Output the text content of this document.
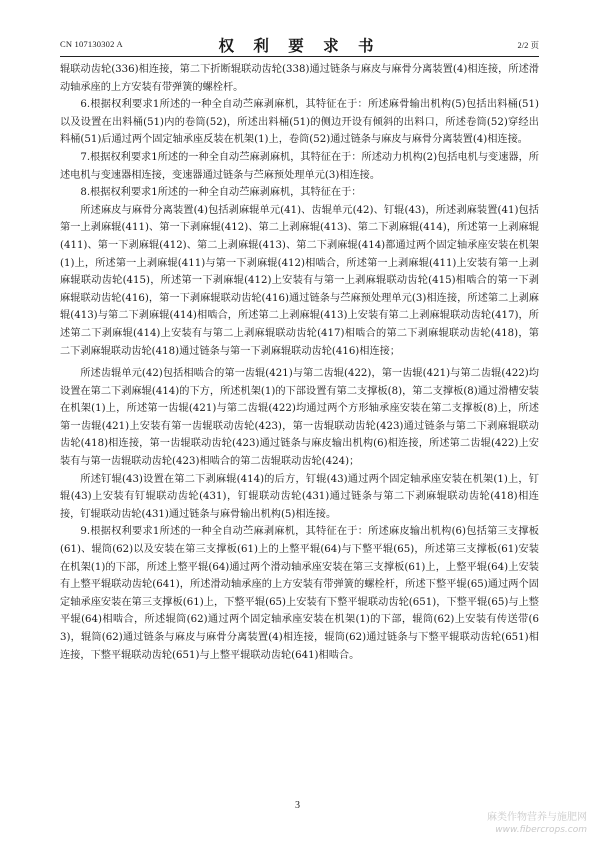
CN 107130302 A	权 利 要 求 书	2/2 页

辊联动齿轮(336)相连接，第二下折断辊联动齿轮(338)通过链条与麻皮与麻骨分离装置(4)相连接，所述滑动轴承座的上方安装有带弹簧的螺栓杆。

6.根据权利要求1所述的一种全自动苎麻剥麻机，其特征在于：所述麻骨输出机构(5)包括出料桶(51)以及设置在出料桶(51)内的卷筒(52)，所述出料桶(51)的侧边开设有倾斜的出料口，所述卷筒(52)穿经出料桶(51)后通过两个固定轴承座反装在机架(1)上，卷筒(52)通过链条与麻皮与麻骨分离装置(4)相连接。

7.根据权利要求1所述的一种全自动苎麻剥麻机，其特征在于：所述动力机构(2)包括电机与变速器，所述电机与变速器相连接，变速器通过链条与苎麻预处理单元(3)相连接。

8.根据权利要求1所述的一种全自动苎麻剥麻机，其特征在于：

所述麻皮与麻骨分离装置(4)包括剥麻辊单元(41)、齿辊单元(42)、钉辊(43)，所述剥麻装置(41)包括第一上剥麻辊(411)、第一下剥麻辊(412)、第二上剥麻辊(413)、第二下剥麻辊(414)，所述第一上剥麻辊(411)、第一下剥麻辊(412)、第二上剥麻辊(413)、第二下剥麻辊(414)都通过两个固定轴承座安装在机架(1)上，所述第一上剥麻辊(411)与第一下剥麻辊(412)相啮合，所述第一上剥麻辊(411)上安装有第一上剥麻辊联动齿轮(415)，所述第一下剥麻辊(412)上安装有与第一上剥麻辊联动齿轮(415)相啮合的第一下剥麻辊联动齿轮(416)，第一下剥麻辊联动齿轮(416)通过链条与苎麻预处理单元(3)相连接，所述第二上剥麻辊(413)与第二下剥麻辊(414)相啮合，所述第二上剥麻辊(413)上安装有第二上剥麻辊联动齿轮(417)，所述第二下剥麻辊(414)上安装有与第二上剥麻辊联动齿轮(417)相啮合的第二下剥麻辊联动齿轮(418)，第二下剥麻辊联动齿轮(418)通过链条与第一下剥麻辊联动齿轮(416)相连接；

所述齿辊单元(42)包括相啮合的第一齿辊(421)与第二齿辊(422)，第一齿辊(421)与第二齿辊(422)均设置在第二下剥麻辊(414)的下方，所述机架(1)的下部设置有第二支撑板(8)，第二支撑板(8)通过滑槽安装在机架(1)上，所述第一齿辊(421)与第二齿辊(422)均通过两个方形轴承座安装在第二支撑板(8)上，所述第一齿辊(421)上安装有第一齿辊联动齿轮(423)，第一齿辊联动齿轮(423)通过链条与第二下剥麻辊联动齿轮(418)相连接，第一齿辊联动齿轮(423)通过链条与麻皮输出机构(6)相连接，所述第二齿辊(422)上安装有与第一齿辊联动齿轮(423)相啮合的第二齿辊联动齿轮(424)；

所述钉辊(43)设置在第二下剥麻辊(414)的后方，钉辊(43)通过两个固定轴承座安装在机架(1)上，钉辊(43)上安装有钉辊联动齿轮(431)，钉辊联动齿轮(431)通过链条与第二下剥麻辊联动齿轮(418)相连接，钉辊联动齿轮(431)通过链条与麻骨输出机构(5)相连接。

9.根据权利要求1所述的一种全自动苎麻剥麻机，其特征在于：所述麻皮输出机构(6)包括第三支撑板(61)、辊筒(62)以及安装在第三支撑板(61)上的上整平辊(64)与下整平辊(65)，所述第三支撑板(61)安装在机架(1)的下部，所述上整平辊(64)通过两个滑动轴承座安装在第三支撑板(61)上，上整平辊(64)上安装有上整平辊联动齿轮(641)，所述滑动轴承座的上方安装有带弹簧的螺栓杆，所述下整平辊(65)通过两个固定轴承座安装在第三支撑板(61)上，下整平辊(65)上安装有下整平辊联动齿轮(651)，下整平辊(65)与上整平辊(64)相啮合，所述辊筒(62)通过两个固定轴承座安装在机架(1)的下部，辊筒(62)上安装有传送带(63)，辊筒(62)通过链条与麻皮与麻骨分离装置(4)相连接，辊筒(62)通过链条与下整平辊联动齿轮(651)相连接，下整平辊联动齿轮(651)与上整平辊联动齿轮(641)相啮合。

3
麻类作物营养与施肥网
www.fibercrops.com
